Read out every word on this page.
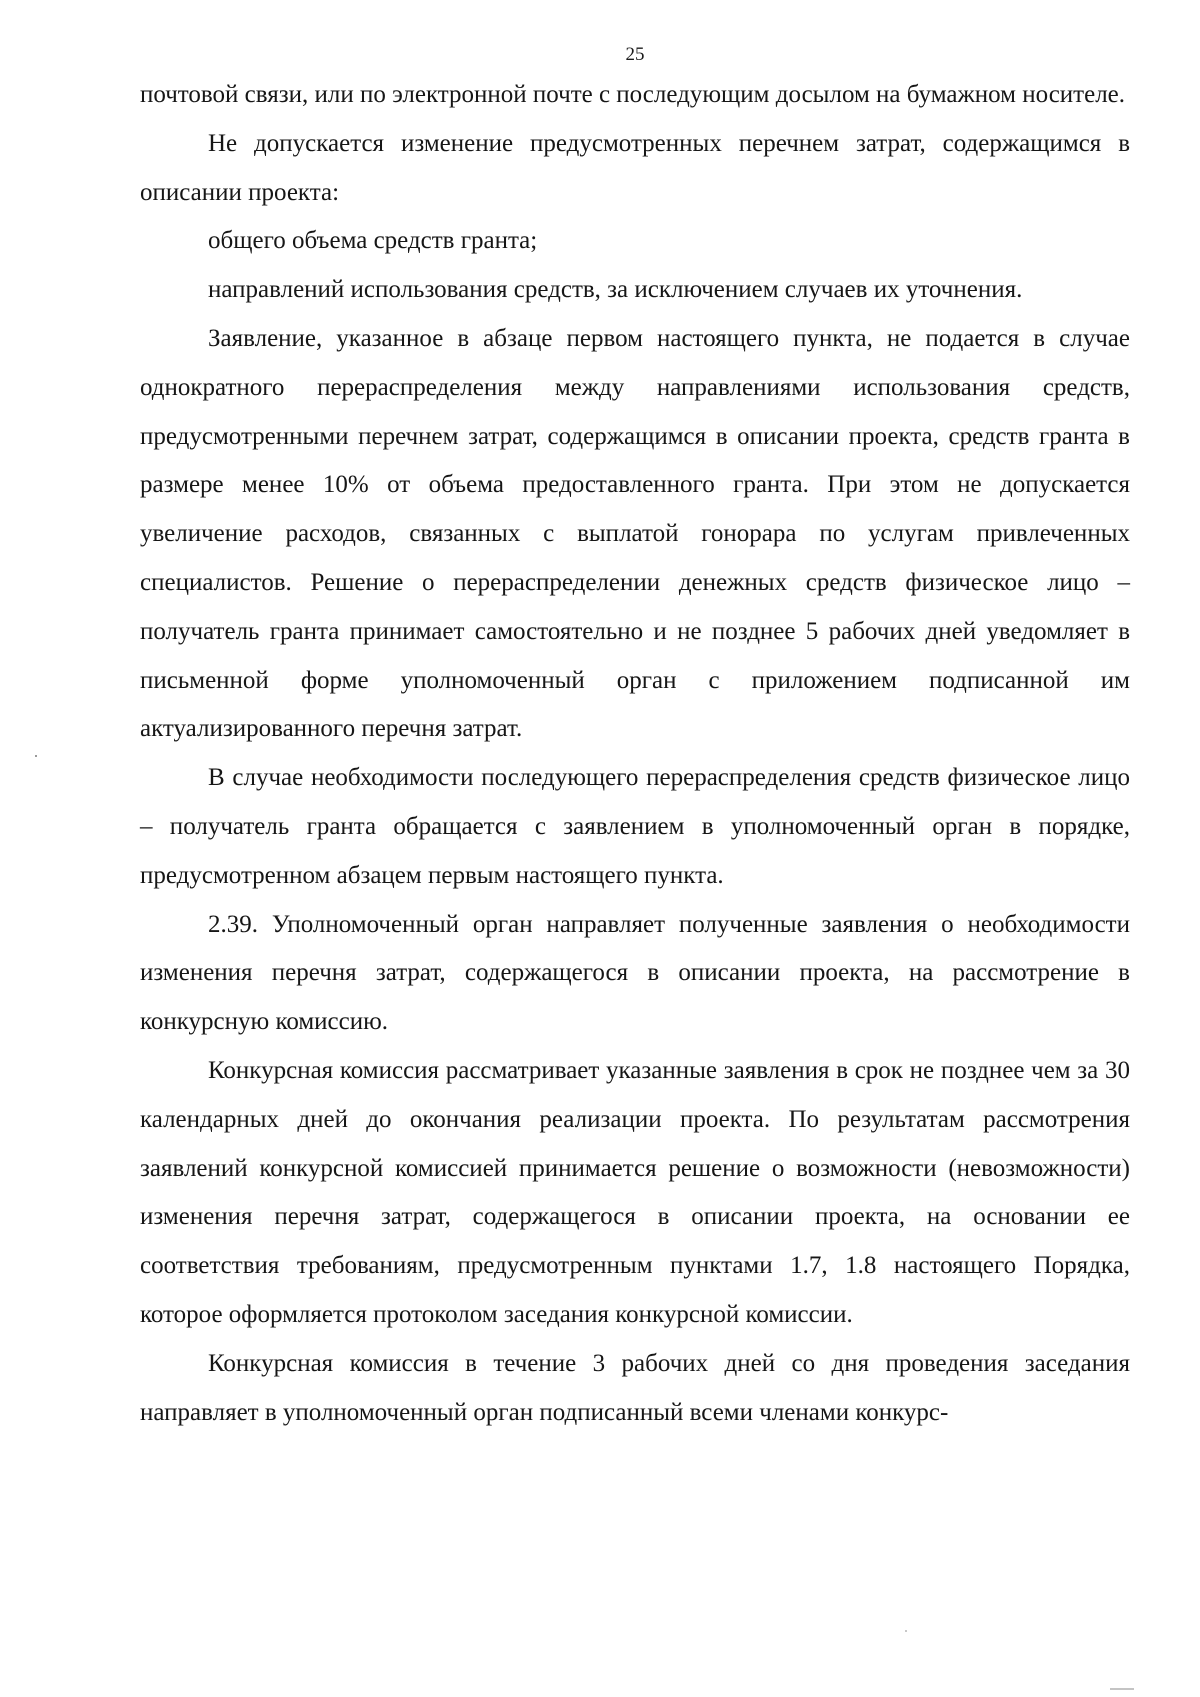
25

почтовой связи, или по электронной почте с последующим досылом на бумажном носителе.

Не допускается изменение предусмотренных перечнем затрат, содержащимся в описании проекта:

общего объема средств гранта;

направлений использования средств, за исключением случаев их уточнения.

Заявление, указанное в абзаце первом настоящего пункта, не подается в случае однократного перераспределения между направлениями использования средств, предусмотренными перечнем затрат, содержащимся в описании проекта, средств гранта в размере менее 10% от объема предоставленного гранта. При этом не допускается увеличение расходов, связанных с выплатой гонорара по услугам привлеченных специалистов. Решение о перераспределении денежных средств физическое лицо – получатель гранта принимает самостоятельно и не позднее 5 рабочих дней уведомляет в письменной форме уполномоченный орган с приложением подписанной им актуализированного перечня затрат.

В случае необходимости последующего перераспределения средств физическое лицо – получатель гранта обращается с заявлением в уполномоченный орган в порядке, предусмотренном абзацем первым настоящего пункта.

2.39. Уполномоченный орган направляет полученные заявления о необходимости изменения перечня затрат, содержащегося в описании проекта, на рассмотрение в конкурсную комиссию.

Конкурсная комиссия рассматривает указанные заявления в срок не позднее чем за 30 календарных дней до окончания реализации проекта. По результатам рассмотрения заявлений конкурсной комиссией принимается решение о возможности (невозможности) изменения перечня затрат, содержащегося в описании проекта, на основании ее соответствия требованиям, предусмотренным пунктами 1.7, 1.8 настоящего Порядка, которое оформляется протоколом заседания конкурсной комиссии.

Конкурсная комиссия в течение 3 рабочих дней со дня проведения заседания направляет в уполномоченный орган подписанный всеми членами конкурс-
